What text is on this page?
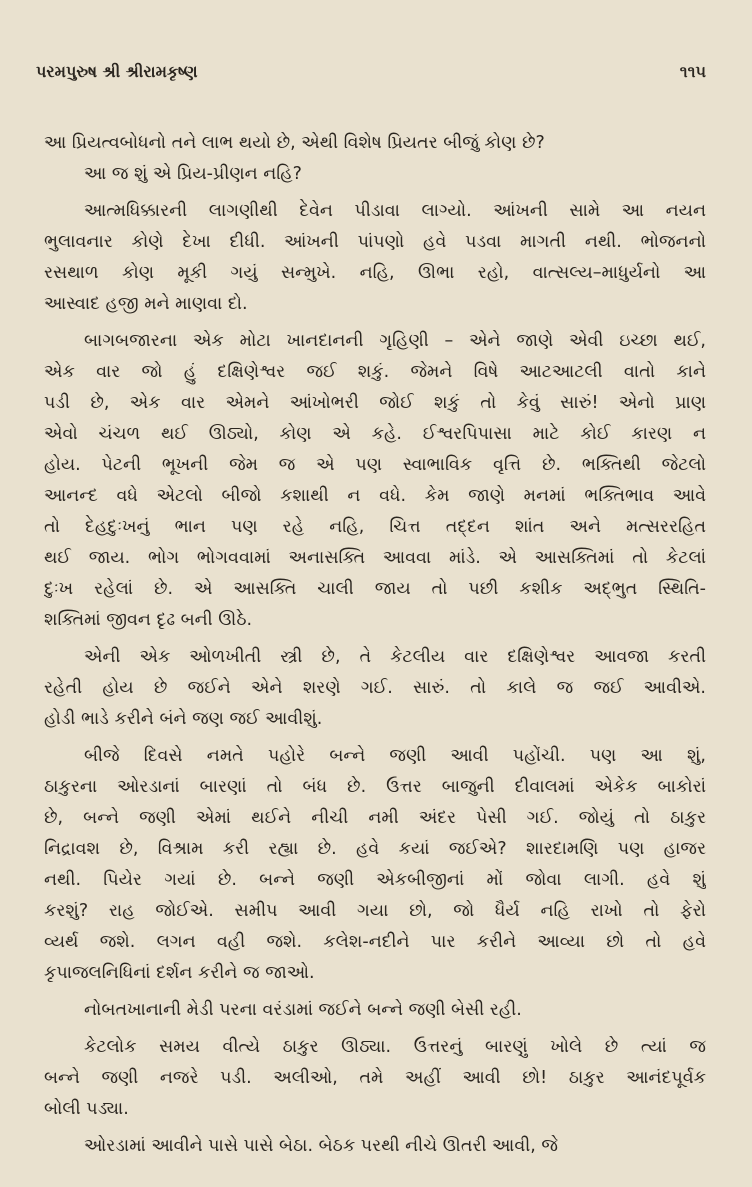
પરમપુરુષ શ્રી શ્રીરામકૃષ્ણ	૧૧૫
આ પ્રિયત્વબોધનો તને લાભ થયો છે, એથી વિશેષ પ્રિયતર બીજું કોણ છે?
આ જ શું એ પ્રિય-પ્રીણન નહિ?
આત્મધિક્કારની લાગણીથી દેવેન પીડાવા લાગ્યો. આંખની સામે આ નયન
ભુલાવનાર કોણે દેખા દીધી. આંખની પાંપણો હવે પડવા માગતી નથી. ભોજનનો
રસથાળ કોણ મૂકી ગયું સન્મુખે. નહિ, ઊભા રહો, વાત્સલ્ય–માધુર્યનો આ
આસ્વાદ હજી મને માણવા દો.
બાગબજારના એક મોટા ખાનદાનની ગૃહિણી – એને જાણે એવી ઇચ્છા થઈ,
એક વાર જો હું દક્ષિણેશ્વર જઈ શકું. જેમને વિષે આટઆટલી વાતો કાને
પડી છે, એક વાર એમને આંખોભરી જોઈ શકું તો કેવું સારું! એનો પ્રાણ
એવો ચંચળ થઈ ઊઠ્યો, કોણ એ કહે. ઈશ્વરપિપાસા માટે કોઈ કારણ ન
હોય. પેટની ભૂખની જેમ જ એ પણ સ્વાભાવિક વૃત્તિ છે. ભક્તિથી જેટલો
આનન્દ વધે એટલો બીજો કશાથી ન વધે. કેમ જાણે મનમાં ભક્તિભાવ આવે
તો દેહદુઃખનું ભાન પણ રહે નહિ, ચિત્ત તદ્દન શાંત અને મત્સરરહિત
થઈ જાય. ભોગ ભોગવવામાં અનાસક્તિ આવવા માંડે. એ આસક્તિમાં તો કેટલાં
દુઃખ રહેલાં છે. એ આસક્તિ ચાલી જાય તો પછી કશીક અદ્ભુત સ્થિતિ-
શક્તિમાં જીવન દૃઢ બની ઊઠે.
એની એક ઓળખીતી સ્ત્રી છે, તે કેટલીય વાર દક્ષિણેશ્વર આવજા કરતી
રહેતી હોય છે જઈને એને શરણે ગઈ. સારું. તો કાલે જ જઈ આવીએ.
હોડી ભાડે કરીને બંને જણ જઈ આવીશું.
બીજે દિવસે નમતે પહોરે બન્ને જણી આવી પહોંચી. પણ આ શું,
ઠાકુરના ઓરડાનાં બારણાં તો બંધ છે. ઉત્તર બાજુની દીવાલમાં એકેક બાકોરાં
છે, બન્ને જણી એમાં થઈને નીચી નમી અંદર પેસી ગઈ. જોયું તો ઠાકુર
નિદ્રાવશ છે, વિશ્રામ કરી રહ્યા છે. હવે કયાં જઈએ? શારદામણિ પણ હાજર
નથી. પિયેર ગયાં છે. બન્ને જણી એકબીજીનાં મોં જોવા લાગી. હવે શું
કરશું? રાહ જોઈએ. સમીપ આવી ગયા છો, જો ધૈર્ય નહિ રાખો તો ફેરો
વ્યર્થ જશે. લગન વહી જશે. કલેશ-નદીને પાર કરીને આવ્યા છો તો હવે
કૃપાજલનિધિનાં દર્શન કરીને જ જાઓ.
નોબતખાનાની મેડી પરના વરંડામાં જઈને બન્ને જણી બેસી રહી.
કેટલોક સમય વીત્યે ઠાકુર ઊઠ્યા. ઉત્તરનું બારણું ખોલે છે ત્યાં જ
બન્ને જણી નજરે પડી. અલીઓ, તમે અહીં આવી છો! ઠાકુર આનંદપૂર્વક
બોલી પડ્યા.
ઓરડામાં આવીને પાસે પાસે બેઠા. બેઠક પરથી નીચે ઊતરી આવી, જે
